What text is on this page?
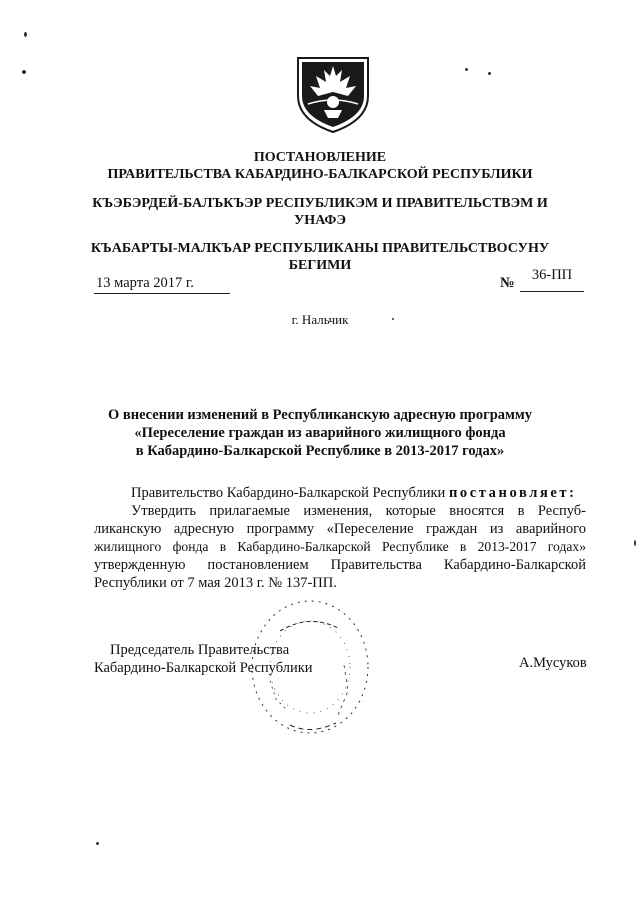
ПОСТАНОВЛЕНИЕ
ПРАВИТЕЛЬСТВА КАБАРДИНО-БАЛКАРСКОЙ РЕСПУБЛИКИ
КЪЭБЭРДЕЙ-БАЛЪКЪЭР РЕСПУБЛИКЭМ И ПРАВИТЕЛЬСТВЭМ И
УНАФЭ
КЪАБАРТЫ-МАЛКЪАР РЕСПУБЛИКАНЫ ПРАВИТЕЛЬСТВОСУНУ
БЕГИМИ
13 марта 2017 г.	№	36-ПП
г. Нальчик
О внесении изменений в Республиканскую адресную программу
«Переселение граждан из аварийного жилищного фонда
в Кабардино-Балкарской Республике в 2013-2017 годах»
Правительство Кабардино-Балкарской Республики постановляет:
Утвердить прилагаемые изменения, которые вносятся в Респуб-
ликанскую адресную программу «Переселение граждан из аварийного
жилищного фонда в Кабардино-Балкарской Республике в 2013-2017 годах»
утвержденную постановлением Правительства Кабардино-Балкарской
Республики от 7 мая 2013 г. № 137-ПП.
Председатель Правительства
Кабардино-Балкарской Республики	А.Мусуков
